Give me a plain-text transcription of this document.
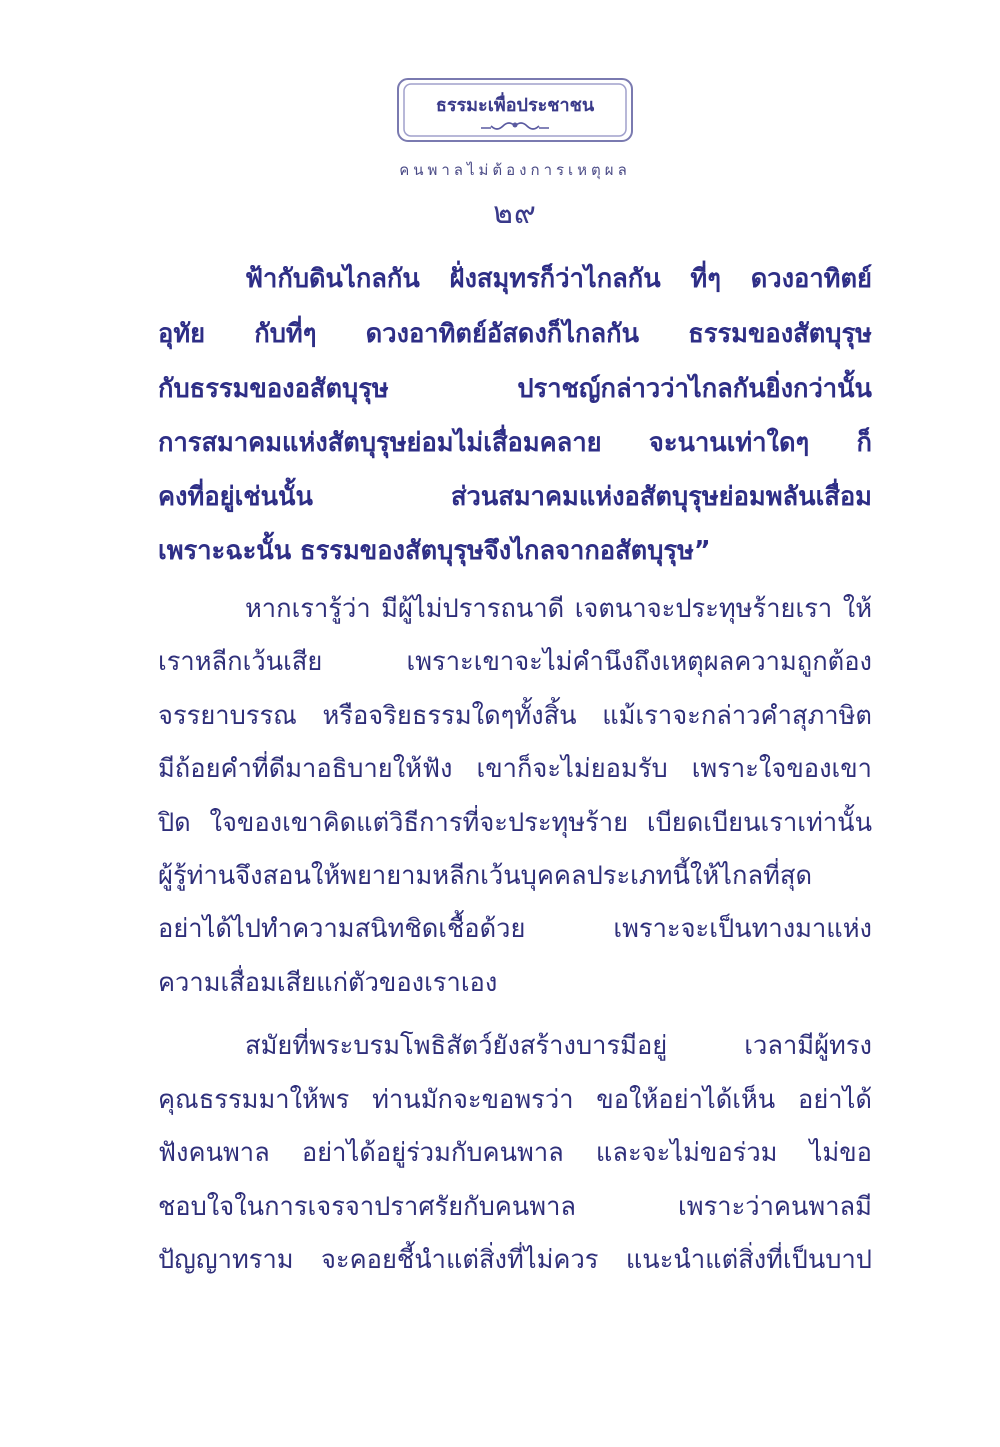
ธรรมะเพื่อประชาชน
คนพาลไม่ต้องการเหตุผล
๒๙
ฟ้ากับดินไกลกัน ฝั่งสมุทรก็ว่าไกลกัน ที่ๆ ดวงอาทิตย์
อุทัย กับที่ๆ ดวงอาทิตย์อัสดงก็ไกลกัน ธรรมของสัตบุรุษ
กับธรรมของอสัตบุรุษ ปราชญ์กล่าวว่าไกลกันยิ่งกว่านั้น
การสมาคมแห่งสัตบุรุษย่อมไม่เสื่อมคลาย จะนานเท่าใดๆ ก็
คงที่อยู่เช่นนั้น ส่วนสมาคมแห่งอสัตบุรุษย่อมพลันเสื่อม
เพราะฉะนั้น ธรรมของสัตบุรุษจึงไกลจากอสัตบุรุษ”
หากเรารู้ว่า มีผู้ไม่ปรารถนาดี เจตนาจะประทุษร้ายเรา ให้
เราหลีกเว้นเสีย เพราะเขาจะไม่คำนึงถึงเหตุผลความถูกต้อง
จรรยาบรรณ หรือจริยธรรมใดๆทั้งสิ้น แม้เราจะกล่าวคำสุภาษิต
มีถ้อยคำที่ดีมาอธิบายให้ฟัง เขาก็จะไม่ยอมรับ เพราะใจของเขา
ปิด ใจของเขาคิดแต่วิธีการที่จะประทุษร้าย เบียดเบียนเราเท่านั้น
ผู้รู้ท่านจึงสอนให้พยายามหลีกเว้นบุคคลประเภทนี้ให้ไกลที่สุด
อย่าได้ไปทำความสนิทชิดเชื้อด้วย เพราะจะเป็นทางมาแห่ง
ความเสื่อมเสียแก่ตัวของเราเอง
สมัยที่พระบรมโพธิสัตว์ยังสร้างบารมีอยู่ เวลามีผู้ทรง
คุณธรรมมาให้พร ท่านมักจะขอพรว่า ขอให้อย่าได้เห็น อย่าได้
ฟังคนพาล อย่าได้อยู่ร่วมกับคนพาล และจะไม่ขอร่วม ไม่ขอ
ชอบใจในการเจรจาปราศรัยกับคนพาล เพราะว่าคนพาลมี
ปัญญาทราม จะคอยชี้นำแต่สิ่งที่ไม่ควร แนะนำแต่สิ่งที่เป็นบาป
